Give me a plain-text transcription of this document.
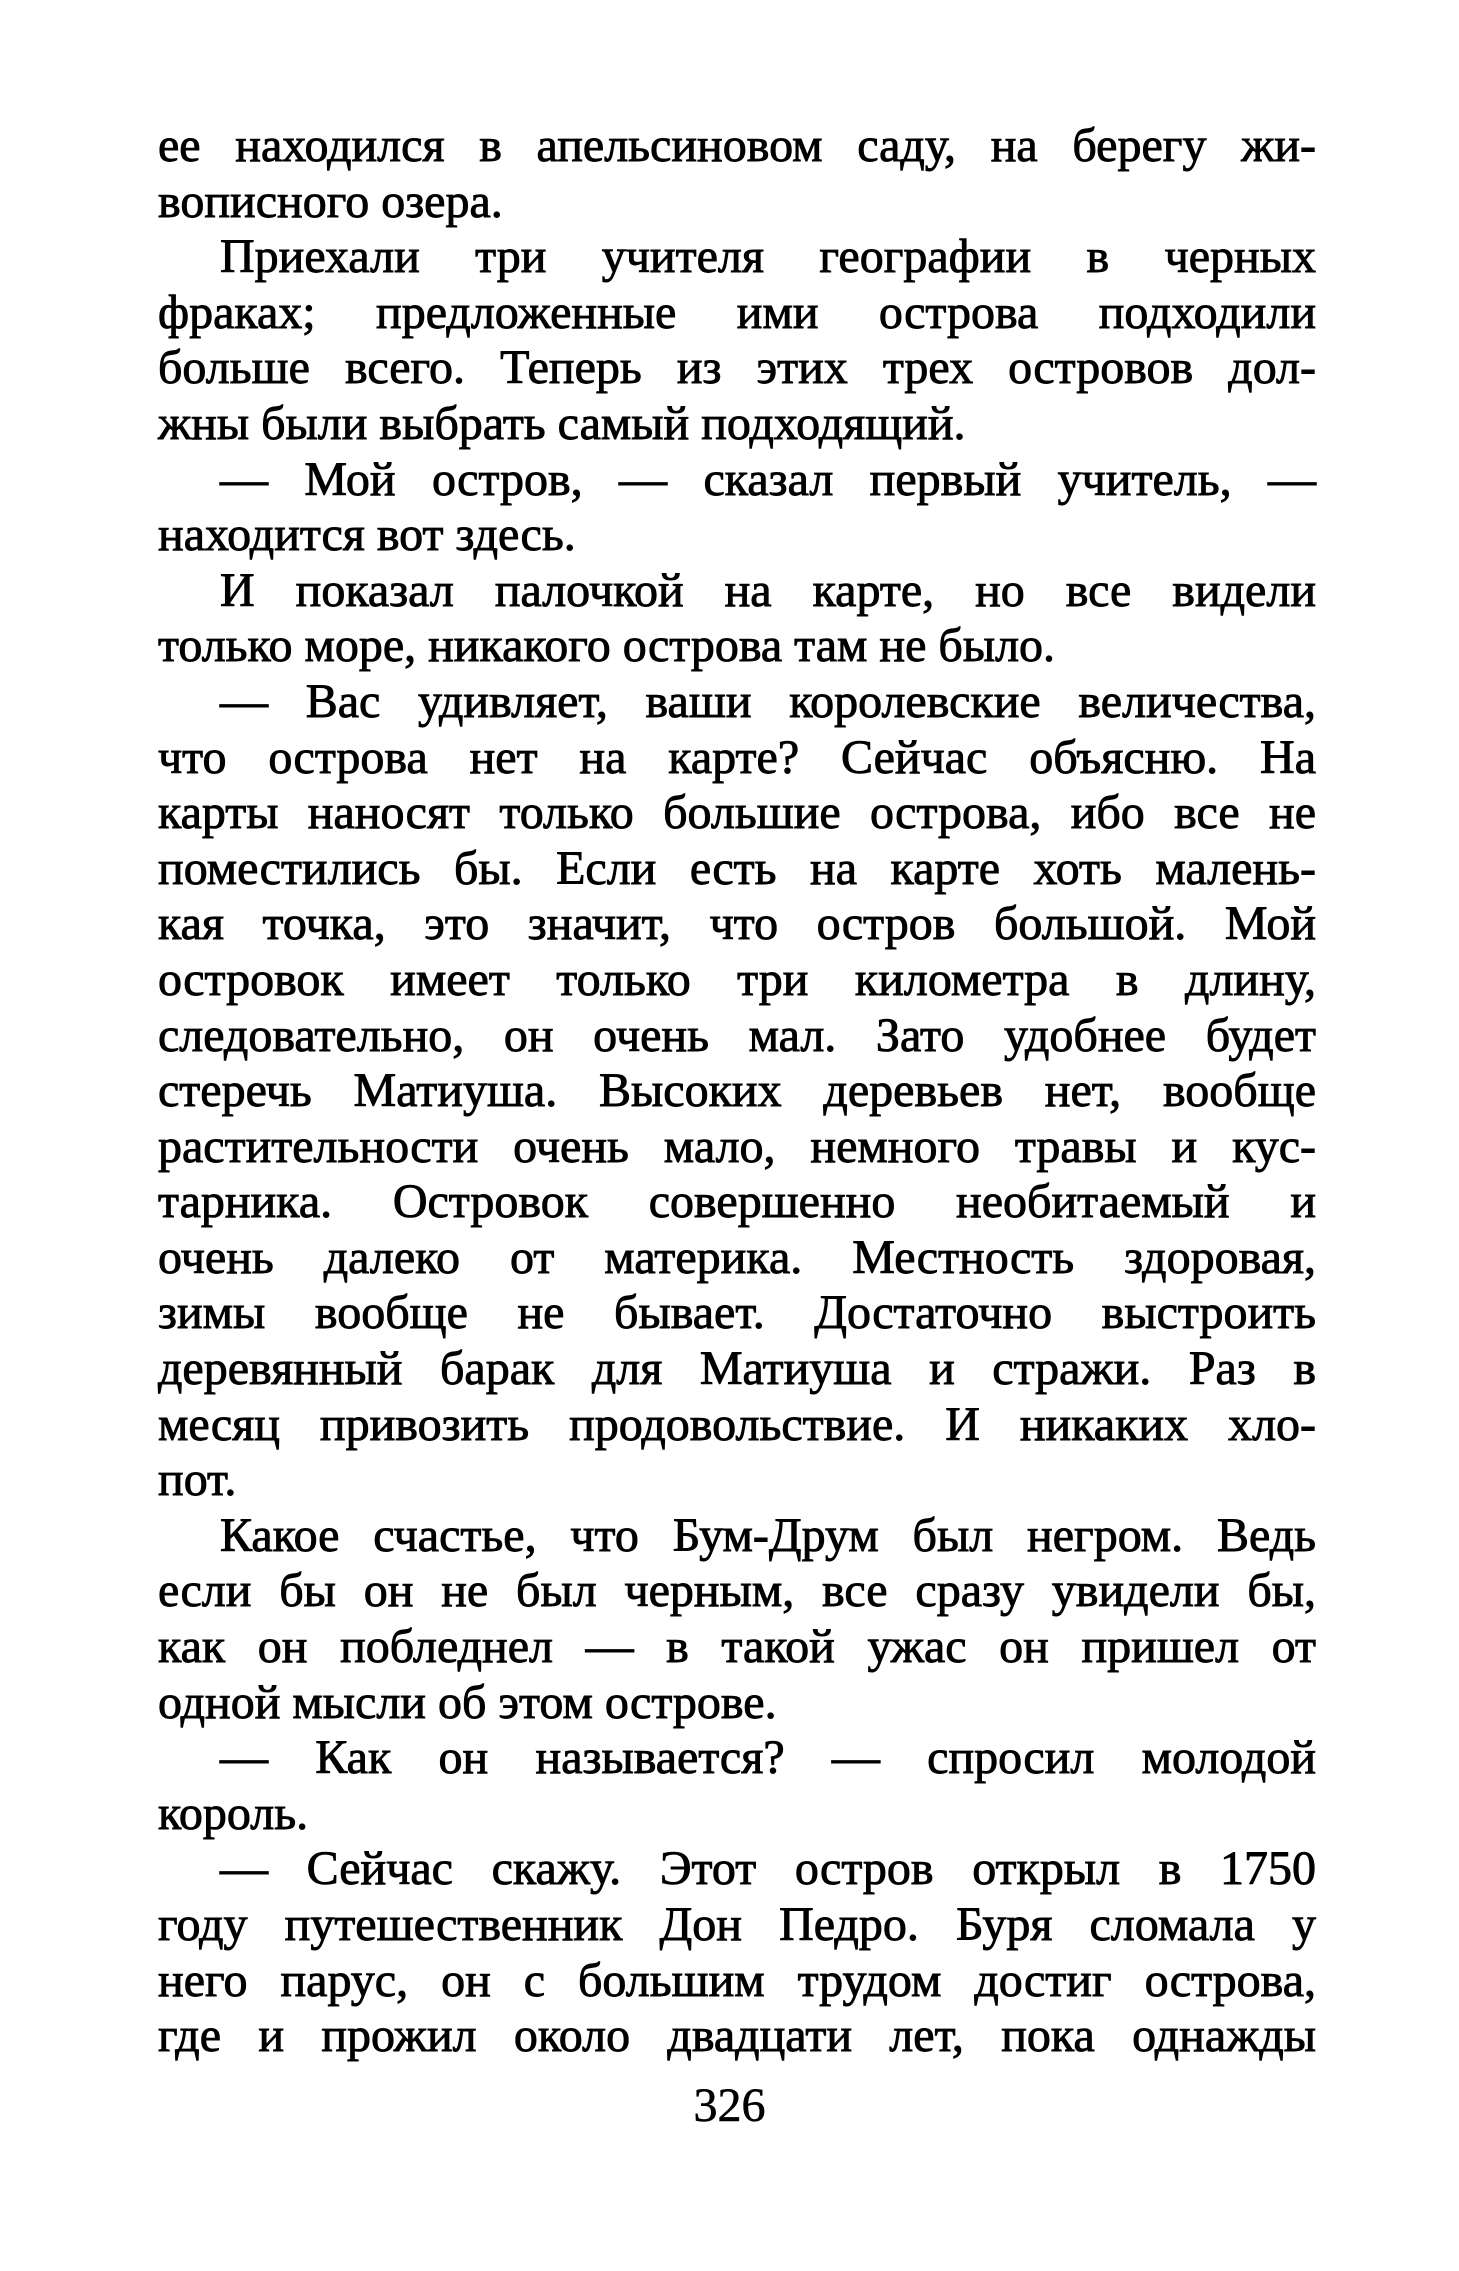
ее находился в апельсиновом саду, на берегу жи-
вописного озера.
Приехали три учителя географии в черных
фраках; предложенные ими острова подходили
больше всего. Теперь из этих трех островов дол-
жны были выбрать самый подходящий.
— Мой остров, — сказал первый учитель, —
находится вот здесь.
И показал палочкой на карте, но все видели
только море, никакого острова там не было.
— Вас удивляет, ваши королевские величества,
что острова нет на карте? Сейчас объясню. На
карты наносят только большие острова, ибо все не
поместились бы. Если есть на карте хоть малень-
кая точка, это значит, что остров большой. Мой
островок имеет только три километра в длину,
следовательно, он очень мал. Зато удобнее будет
стеречь Матиуша. Высоких деревьев нет, вообще
растительности очень мало, немного травы и кус-
тарника. Островок совершенно необитаемый и
очень далеко от материка. Местность здоровая,
зимы вообще не бывает. Достаточно выстроить
деревянный барак для Матиуша и стражи. Раз в
месяц привозить продовольствие. И никаких хло-
пот.
Какое счастье, что Бум-Друм был негром. Ведь
если бы он не был черным, все сразу увидели бы,
как он побледнел — в такой ужас он пришел от
одной мысли об этом острове.
— Как он называется? — спросил молодой
король.
— Сейчас скажу. Этот остров открыл в 1750
году путешественник Дон Педро. Буря сломала у
него парус, он с большим трудом достиг острова,
где и прожил около двадцати лет, пока однажды
326
